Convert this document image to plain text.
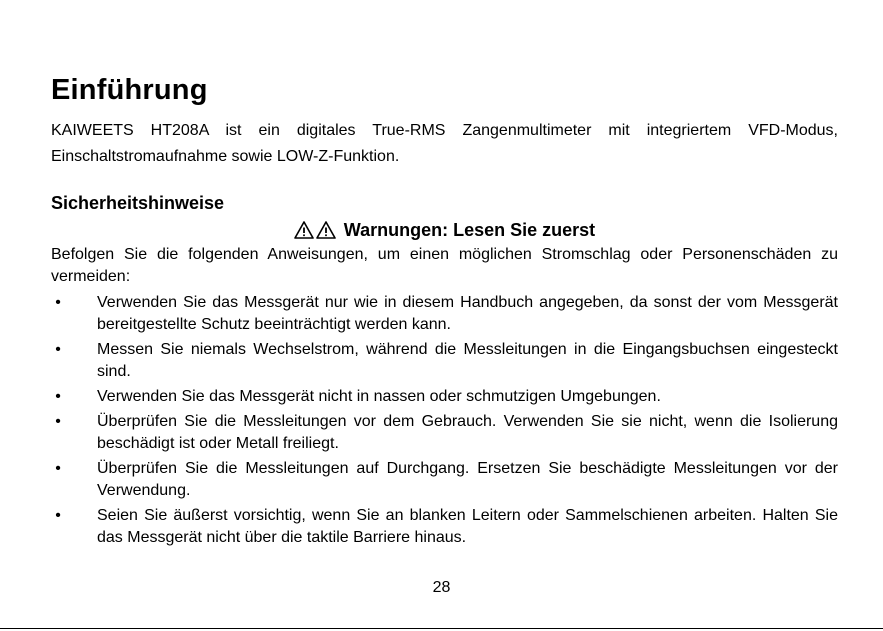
Einführung

KAIWEETS HT208A ist ein digitales True-RMS Zangenmultimeter mit integriertem VFD-Modus, Einschaltstromaufnahme sowie LOW-Z-Funktion.

Sicherheitshinweise
Warnungen: Lesen Sie zuerst

Befolgen Sie die folgenden Anweisungen, um einen möglichen Stromschlag oder Personenschäden zu vermeiden:

• Verwenden Sie das Messgerät nur wie in diesem Handbuch angegeben, da sonst der vom Messgerät bereitgestellte Schutz beeinträchtigt werden kann.
• Messen Sie niemals Wechselstrom, während die Messleitungen in die Eingangsbuchsen eingesteckt sind.
• Verwenden Sie das Messgerät nicht in nassen oder schmutzigen Umgebungen.
• Überprüfen Sie die Messleitungen vor dem Gebrauch. Verwenden Sie sie nicht, wenn die Isolierung beschädigt ist oder Metall freiliegt.
• Überprüfen Sie die Messleitungen auf Durchgang. Ersetzen Sie beschädigte Messleitungen vor der Verwendung.
• Seien Sie äußerst vorsichtig, wenn Sie an blanken Leitern oder Sammelschienen arbeiten. Halten Sie das Messgerät nicht über die taktile Barriere hinaus.
28
